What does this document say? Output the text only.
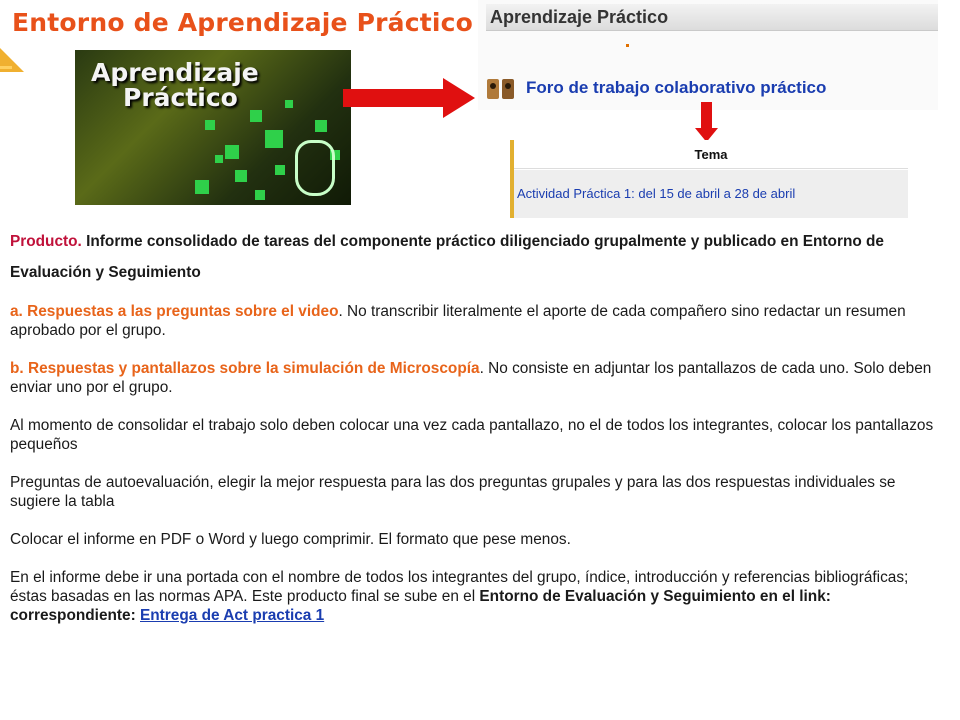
Entorno de Aprendizaje Práctico
Aprendizaje
Práctico
Aprendizaje Práctico
Foro de trabajo colaborativo práctico
Tema
Actividad Práctica 1: del 15 de abril a 28 de abril

Producto. Informe consolidado de tareas del componente práctico diligenciado grupalmente y publicado en Entorno de Evaluación y Seguimiento

a. Respuestas a las preguntas sobre el video. No transcribir literalmente el aporte de cada compañero sino redactar un resumen aprobado por el grupo.

b. Respuestas y pantallazos sobre la simulación de Microscopía. No consiste en adjuntar los pantallazos de cada uno. Solo deben enviar uno por el grupo.

Al momento de consolidar el trabajo solo deben colocar una vez cada pantallazo, no el de todos los integrantes, colocar los pantallazos pequeños

Preguntas de autoevaluación, elegir la mejor respuesta para las dos preguntas grupales y para las dos respuestas individuales se sugiere la tabla

Colocar el informe en PDF o Word y luego comprimir. El formato que pese menos.

En el informe debe ir una portada con el nombre de todos los integrantes del grupo, índice, introducción y referencias bibliográficas; éstas basadas en las normas APA. Este producto final se sube en el Entorno de Evaluación y Seguimiento en el link: correspondiente: Entrega de Act practica 1
